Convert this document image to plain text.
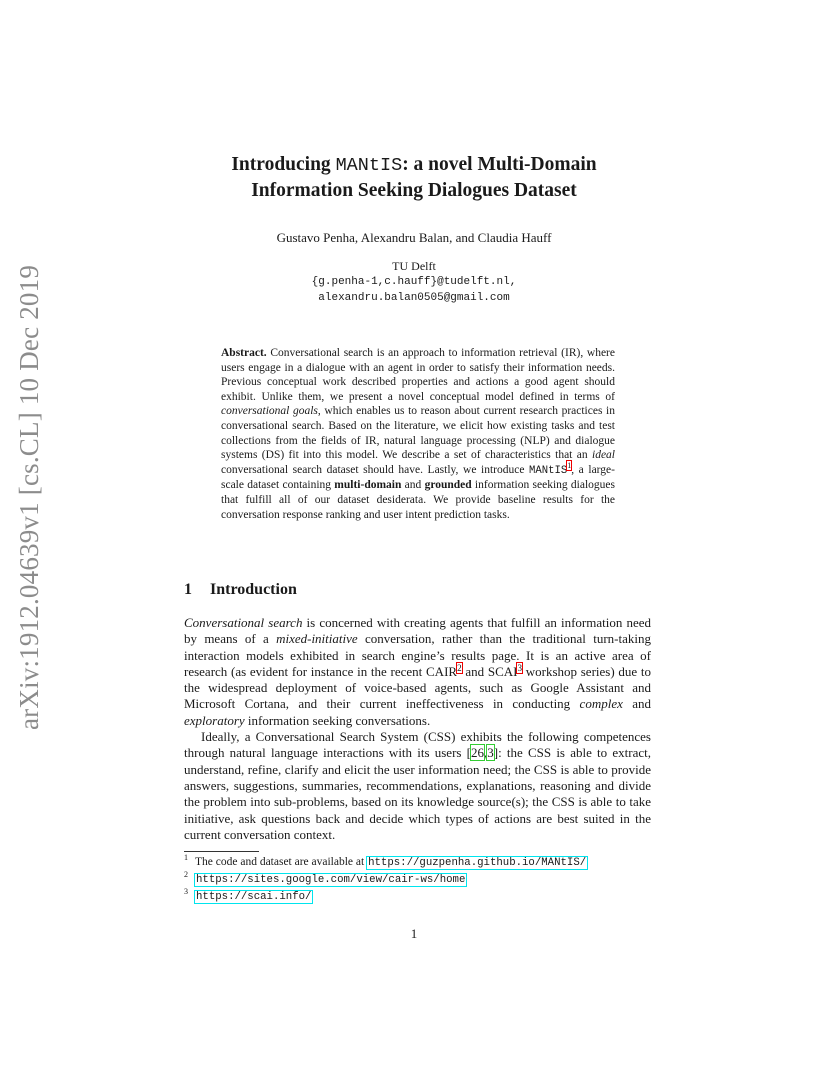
arXiv:1912.04639v1 [cs.CL] 10 Dec 2019
Introducing MANtIS: a novel Multi-Domain
Information Seeking Dialogues Dataset
Gustavo Penha, Alexandru Balan, and Claudia Hauff
TU Delft
{g.penha-1,c.hauff}@tudelft.nl,
alexandru.balan0505@gmail.com
Abstract. Conversational search is an approach to information retrieval (IR), where users engage in a dialogue with an agent in order to satisfy their information needs. Previous conceptual work described properties and actions a good agent should exhibit. Unlike them, we present a novel conceptual model defined in terms of conversational goals, which enables us to reason about current research practices in conversational search. Based on the literature, we elicit how existing tasks and test collections from the fields of IR, natural language processing (NLP) and dialogue systems (DS) fit into this model. We describe a set of characteristics that an ideal conversational search dataset should have. Lastly, we introduce MANtIS$^1$, a large-scale dataset containing multi-domain and grounded information seeking dialogues that fulfill all of our dataset desiderata. We provide baseline results for the conversation response ranking and user intent prediction tasks.
1 Introduction

Conversational search is concerned with creating agents that fulfill an information need by means of a mixed-initiative conversation, rather than the traditional turn-taking interaction models exhibited in search engine’s results page. It is an active area of research (as evident for instance in the recent CAIR$^2$ and SCAI$^3$ workshop series) due to the widespread deployment of voice-based agents, such as Google Assistant and Microsoft Cortana, and their current ineffectiveness in conducting complex and exploratory information seeking conversations.

Ideally, a Conversational Search System (CSS) exhibits the following competences through natural language interactions with its users [26,3]: the CSS is able to extract, understand, refine, clarify and elicit the user information need; the CSS is able to provide answers, suggestions, summaries, recommendations, explanations, reasoning and divide the problem into sub-problems, based on its knowledge source(s); the CSS is able to take initiative, ask questions back and decide which types of actions are best suited in the current conversation context.

$^1$ The code and dataset are available at https://guzpenha.github.io/MANtIS/
$^2$ https://sites.google.com/view/cair-ws/home
$^3$ https://scai.info/
1
